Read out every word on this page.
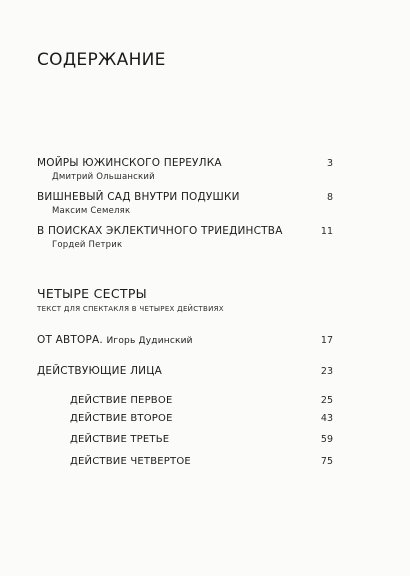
СОДЕРЖАНИЕ
МОЙРЫ ЮЖИНСКОГО ПЕРЕУЛКА	3
Дмитрий Ольшанский
ВИШНЕВЫЙ САД ВНУТРИ ПОДУШКИ	8
Максим Семеляк
В ПОИСКАХ ЭКЛЕКТИЧНОГО ТРИЕДИНСТВА	11
Гордей Петрик
ЧЕТЫРЕ СЕСТРЫ
ТЕКСТ ДЛЯ СПЕКТАКЛЯ В ЧЕТЫРЕХ ДЕЙСТВИЯХ
ОТ АВТОРА. Игорь Дудинский	17
ДЕЙСТВУЮЩИЕ ЛИЦА	23
ДЕЙСТВИЕ ПЕРВОЕ	25
ДЕЙСТВИЕ ВТОРОЕ	43
ДЕЙСТВИЕ ТРЕТЬЕ	59
ДЕЙСТВИЕ ЧЕТВЕРТОЕ	75
